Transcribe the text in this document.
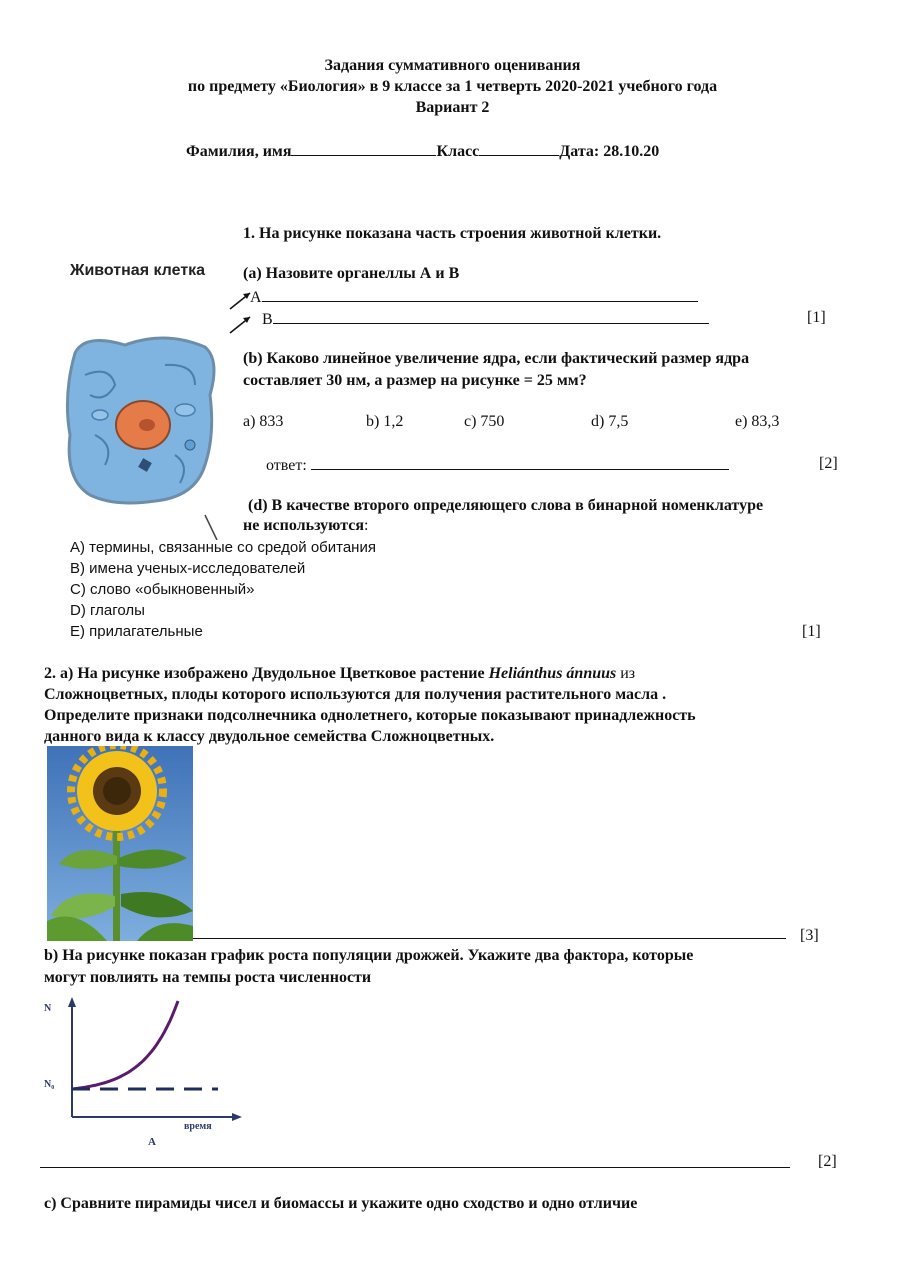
Задания суммативного оценивания
по предмету «Биология» в 9 классе за 1 четверть 2020-2021 учебного года
Вариант 2
Фамилия, имя	Класс	Дата: 28.10.20
1. На рисунке показана часть строения животной клетки.
Животная клетка (a) Назовите органеллы А и В
А
В	[1]
(b) Каково линейное увеличение ядра, если фактический размер ядра
составляет 30 нм, а размер на рисунке = 25 мм?
a) 833	b) 1,2	c) 750	d) 7,5	e) 83,3
ответ:	[2]
(d) В качестве второго определяющего слова в бинарной номенклатуре
не используются:
А) термины, связанные со средой обитания
В) имена ученых-исследователей
С) слово «обыкновенный»
D) глаголы
E) прилагательные	[1]
2. а) На рисунке изображено Двудольное Цветковое растение Heliánthus ánnuus из
Сложноцветных, плоды которого используются для получения растительного масла .
Определите признаки подсолнечника однолетнего, которые показывают принадлежность
данного вида к классу двудольное семейства Сложноцветных.
[3]
b) На рисунке показан график роста популяции дрожжей. Укажите два фактора, которые
могут повлиять на темпы роста численности
N
N₀
время
А
[2]
с) Сравните пирамиды чисел и биомассы и укажите одно сходство и одно отличие
